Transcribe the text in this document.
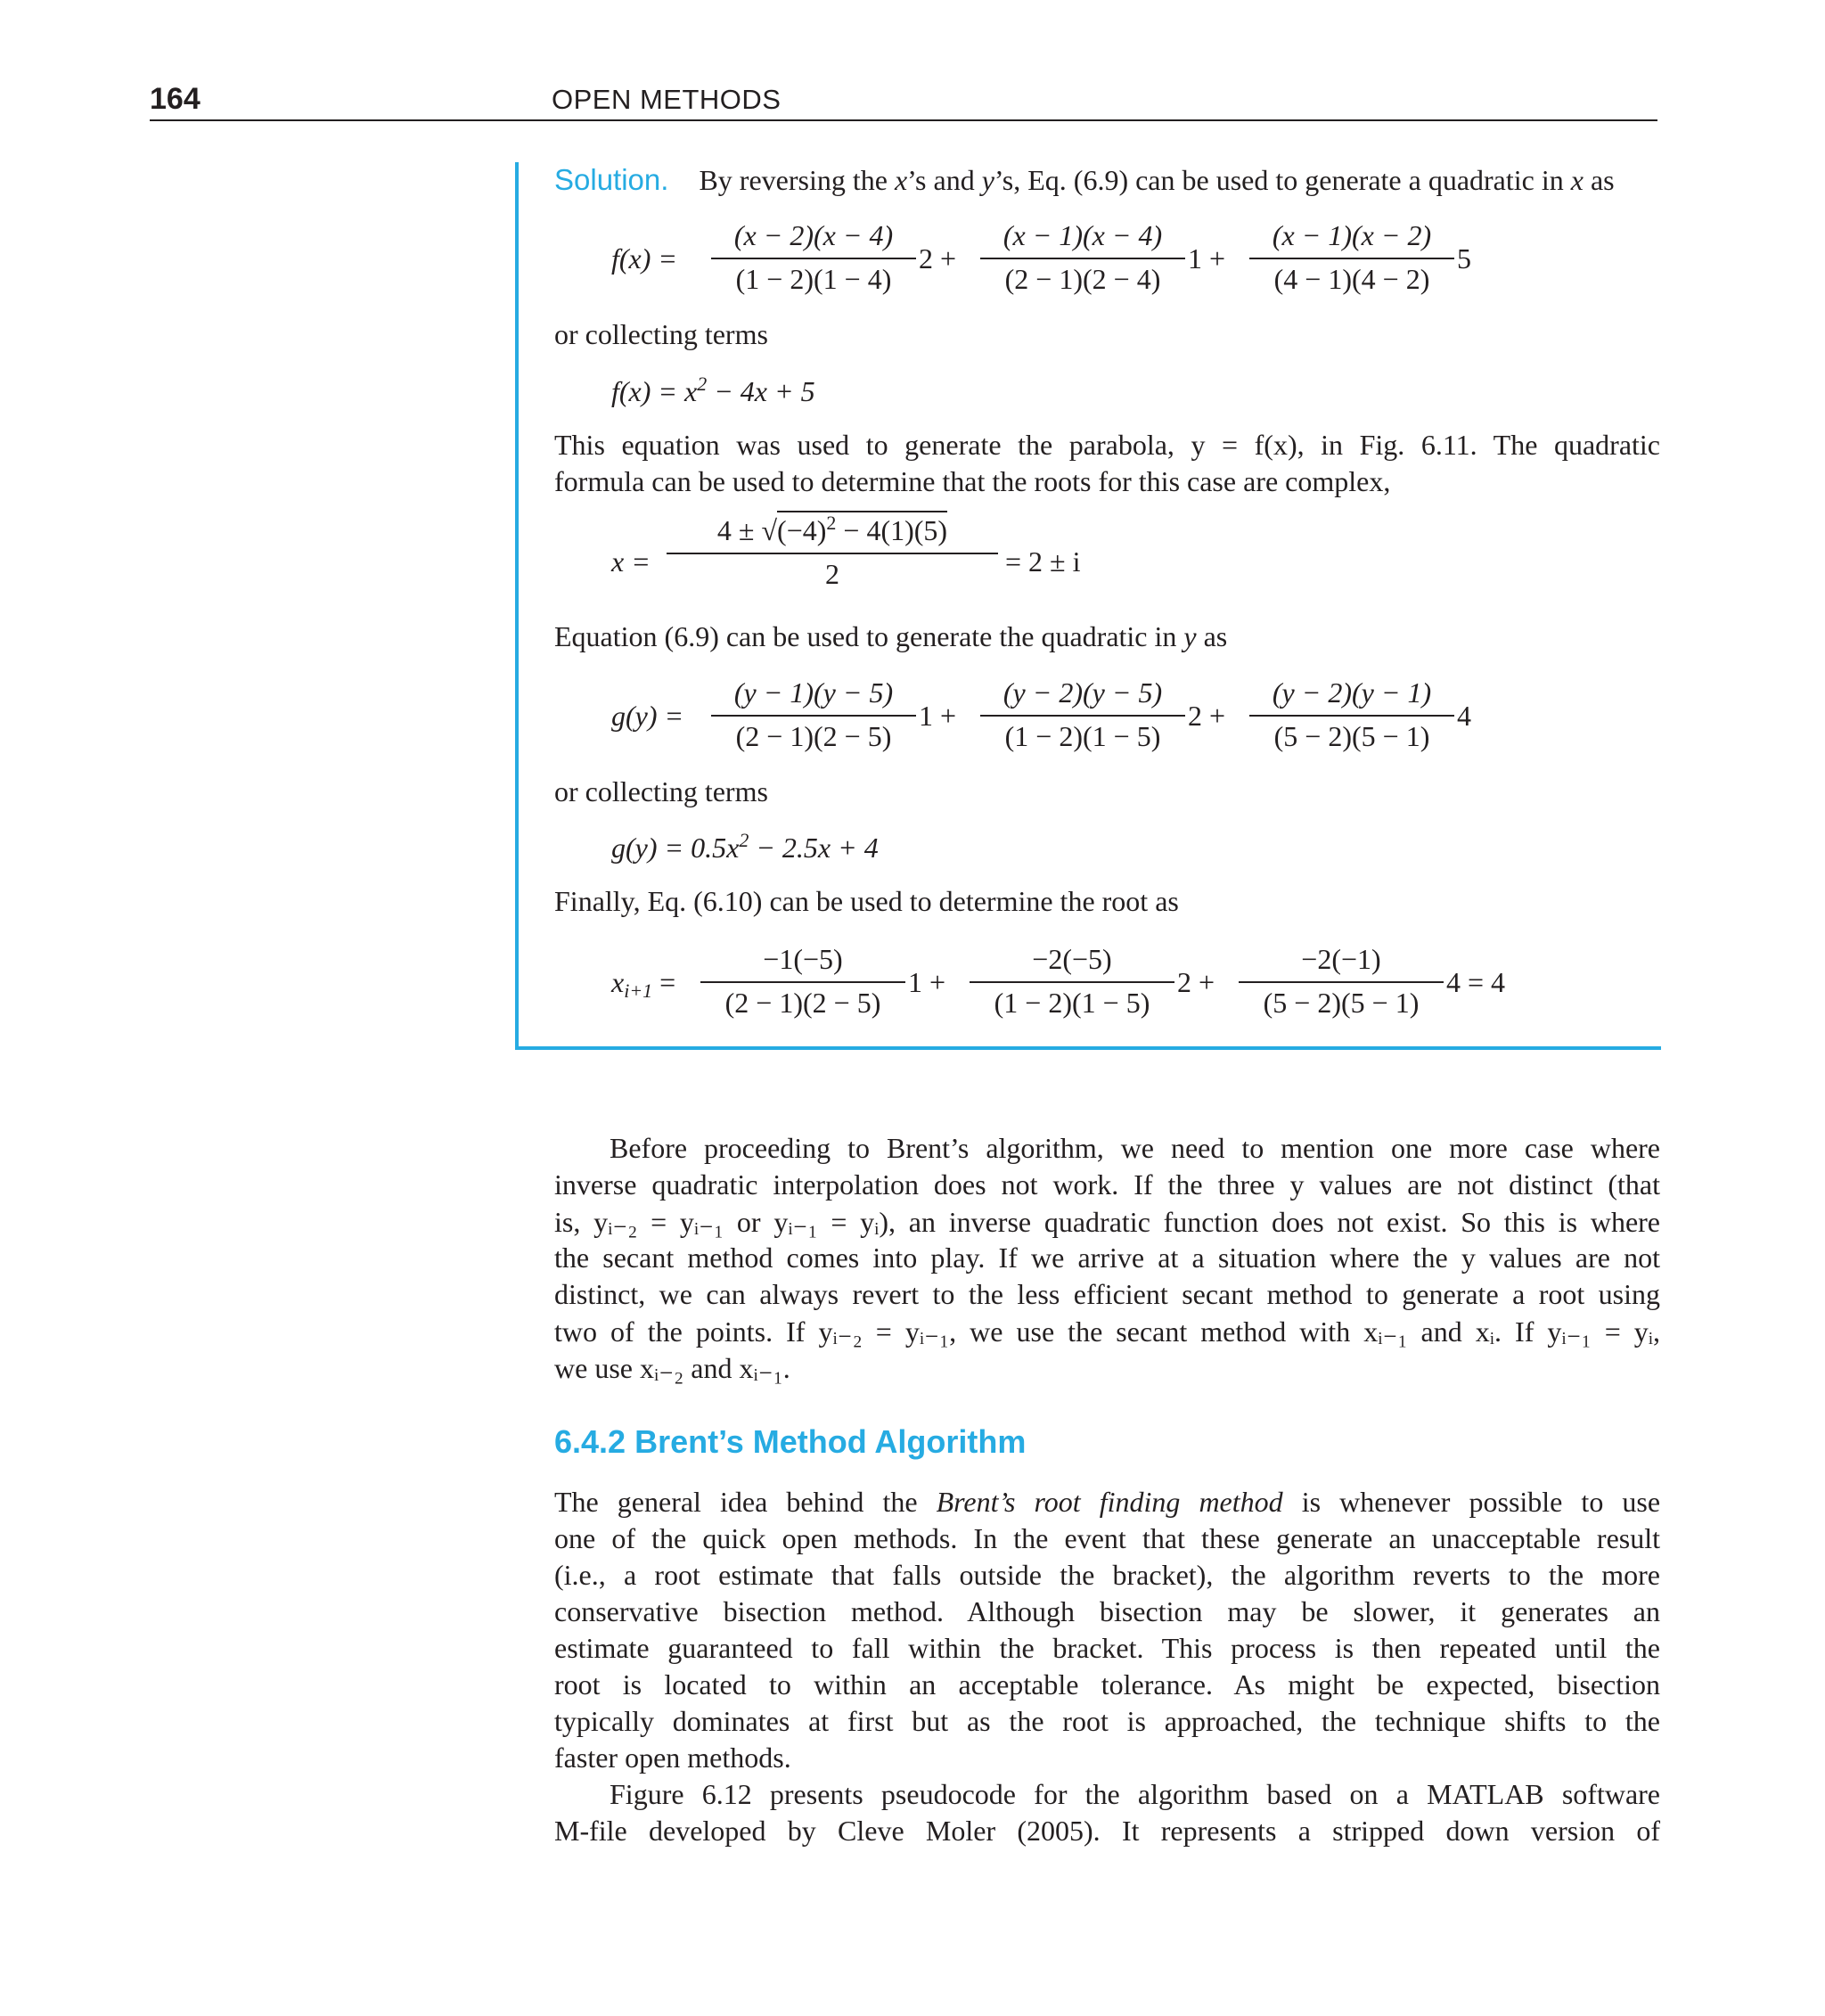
164	OPEN METHODS
Solution. By reversing the x’s and y’s, Eq. (6.9) can be used to generate a quadratic in x as
$f(x) = \frac{(x - 2)(x - 4)}{(1 - 2)(1 - 4)} 2 + \frac{(x - 1)(x - 4)}{(2 - 1)(2 - 4)} 1 + \frac{(x - 1)(x - 2)}{(4 - 1)(4 - 2)} 5$
or collecting terms
$f(x) = x^2 - 4x + 5$
This equation was used to generate the parabola, y = f(x), in Fig. 6.11. The quadratic
formula can be used to determine that the roots for this case are complex,
$x = \frac{4 \pm √(-4)^2 - 4(1)(5)}{2} = 2 \pm i$
Equation (6.9) can be used to generate the quadratic in y as
$g(y) = \frac{(y - 1)(y - 5)}{(2 - 1)(2 - 5)} 1 + \frac{(y - 2)(y - 5)}{(1 - 2)(1 - 5)} 2 + \frac{(y - 2)(y - 1)}{(5 - 2)(5 - 1)} 4$
or collecting terms
$g(y) = 0.5x^2 - 2.5x + 4$
Finally, Eq. (6.10) can be used to determine the root as
$x_{i+1} = \frac{-1(-5)}{(2 - 1)(2 - 5)} 1 + \frac{-2(-5)}{(1 - 2)(1 - 5)} 2 + \frac{-2(-1)}{(5 - 2)(5 - 1)} 4 = 4$
Before proceeding to Brent’s algorithm, we need to mention one more case where
inverse quadratic interpolation does not work. If the three y values are not distinct (that
is, yᵢ₋₂ = yᵢ₋₁ or yᵢ₋₁ = yᵢ), an inverse quadratic function does not exist. So this is where
the secant method comes into play. If we arrive at a situation where the y values are not
distinct, we can always revert to the less efficient secant method to generate a root using
two of the points. If yᵢ₋₂ = yᵢ₋₁, we use the secant method with xᵢ₋₁ and xᵢ. If yᵢ₋₁ = yᵢ,
we use xᵢ₋₂ and xᵢ₋₁.
6.4.2 Brent’s Method Algorithm
The general idea behind the Brent’s root finding method is whenever possible to use
one of the quick open methods. In the event that these generate an unacceptable result
(i.e., a root estimate that falls outside the bracket), the algorithm reverts to the more
conservative bisection method. Although bisection may be slower, it generates an
estimate guaranteed to fall within the bracket. This process is then repeated until the
root is located to within an acceptable tolerance. As might be expected, bisection
typically dominates at first but as the root is approached, the technique shifts to the
faster open methods.
Figure 6.12 presents pseudocode for the algorithm based on a MATLAB software
M-file developed by Cleve Moler (2005). It represents a stripped down version of
